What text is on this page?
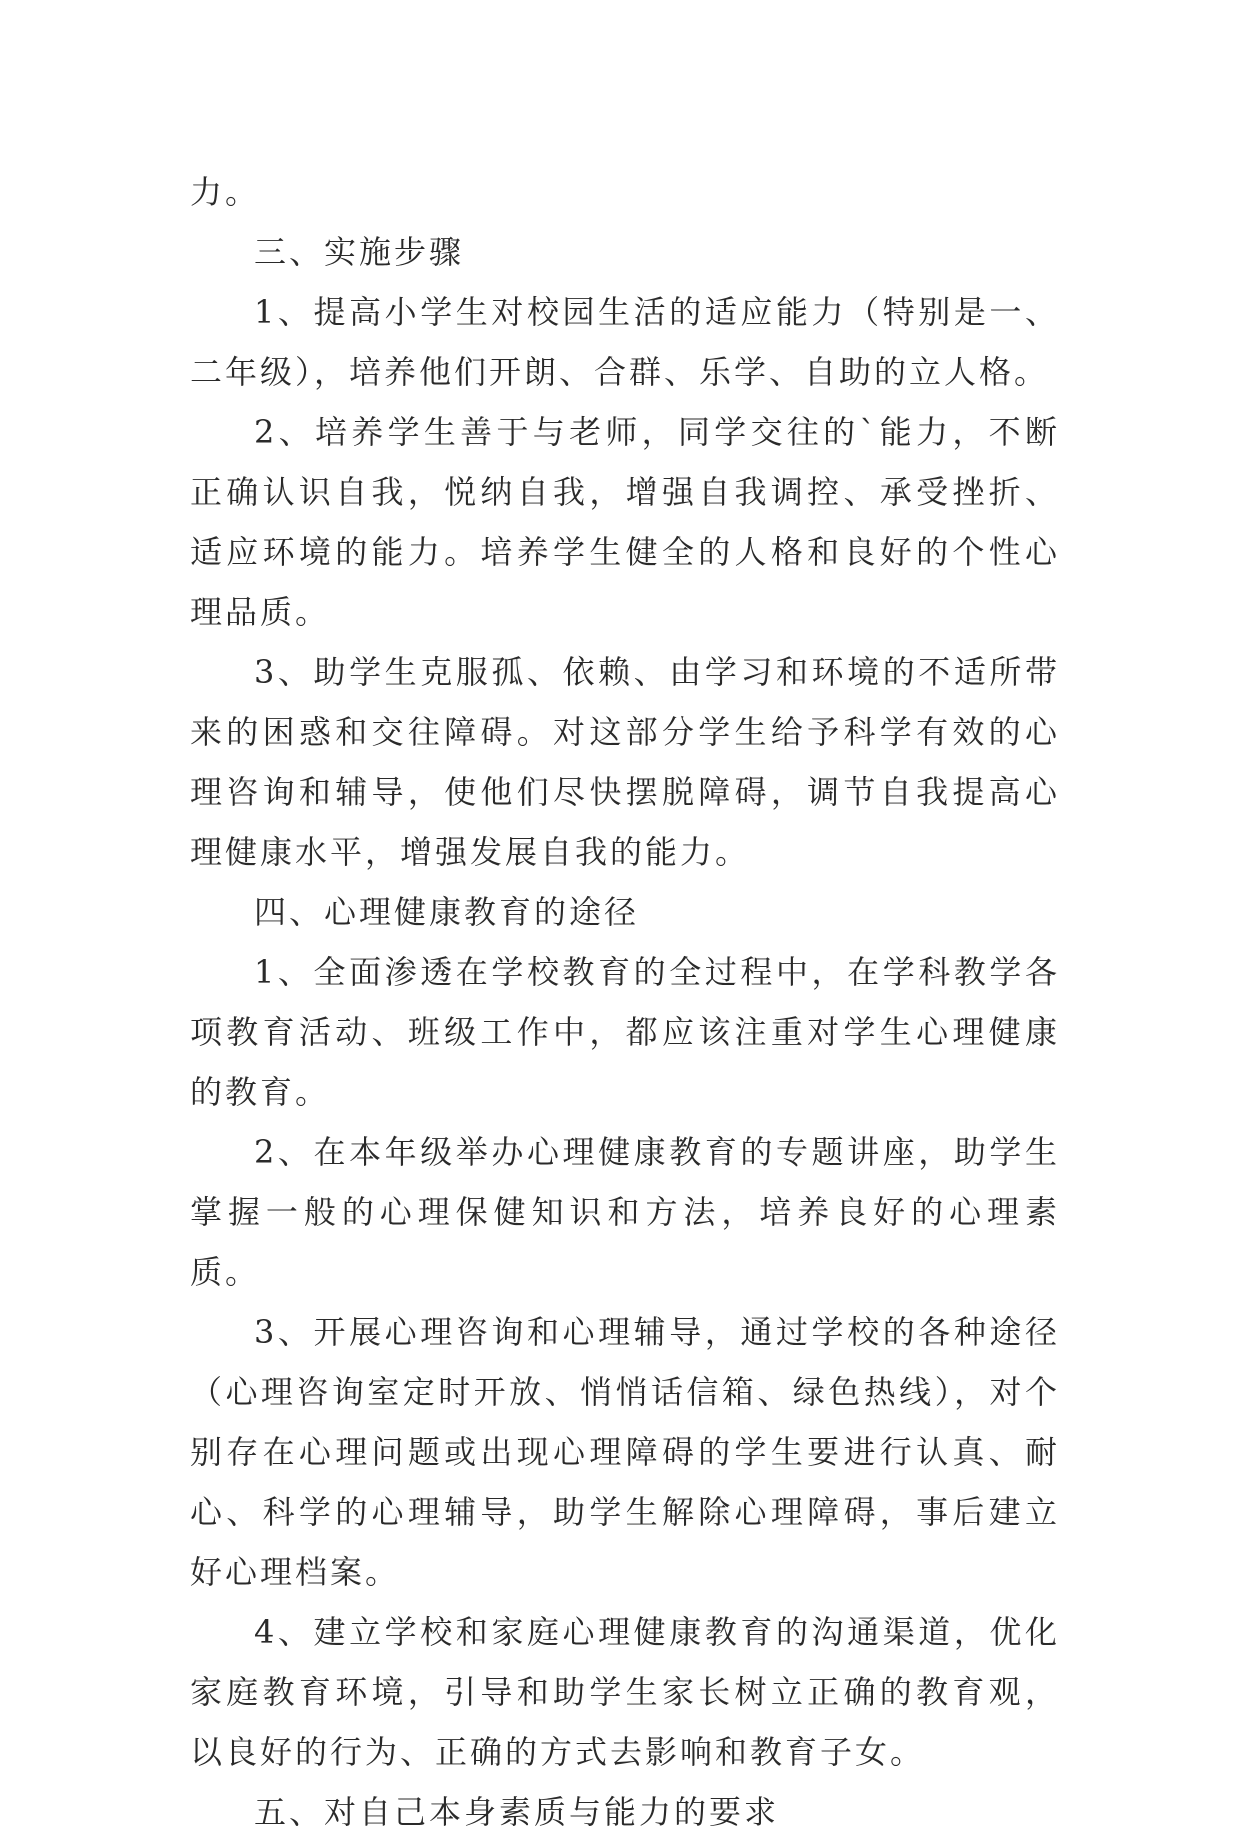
力。

三、实施步骤

1、提高小学生对校园生活的适应能力（特别是一、二年级），培养他们开朗、合群、乐学、自助的立人格。

2、培养学生善于与老师，同学交往的`能力，不断正确认识自我，悦纳自我，增强自我调控、承受挫折、适应环境的能力。培养学生健全的人格和良好的个性心理品质。

3、助学生克服孤、依赖、由学习和环境的不适所带来的困惑和交往障碍。对这部分学生给予科学有效的心理咨询和辅导，使他们尽快摆脱障碍，调节自我提高心理健康水平，增强发展自我的能力。

四、心理健康教育的途径

1、全面渗透在学校教育的全过程中，在学科教学各项教育活动、班级工作中，都应该注重对学生心理健康的教育。

2、在本年级举办心理健康教育的专题讲座，助学生掌握一般的心理保健知识和方法，培养良好的心理素质。

3、开展心理咨询和心理辅导，通过学校的各种途径（心理咨询室定时开放、悄悄话信箱、绿色热线），对个别存在心理问题或出现心理障碍的学生要进行认真、耐心、科学的心理辅导，助学生解除心理障碍，事后建立好心理档案。

4、建立学校和家庭心理健康教育的沟通渠道，优化家庭教育环境，引导和助学生家长树立正确的教育观，以良好的行为、正确的方式去影响和教育子女。

五、对自己本身素质与能力的要求
